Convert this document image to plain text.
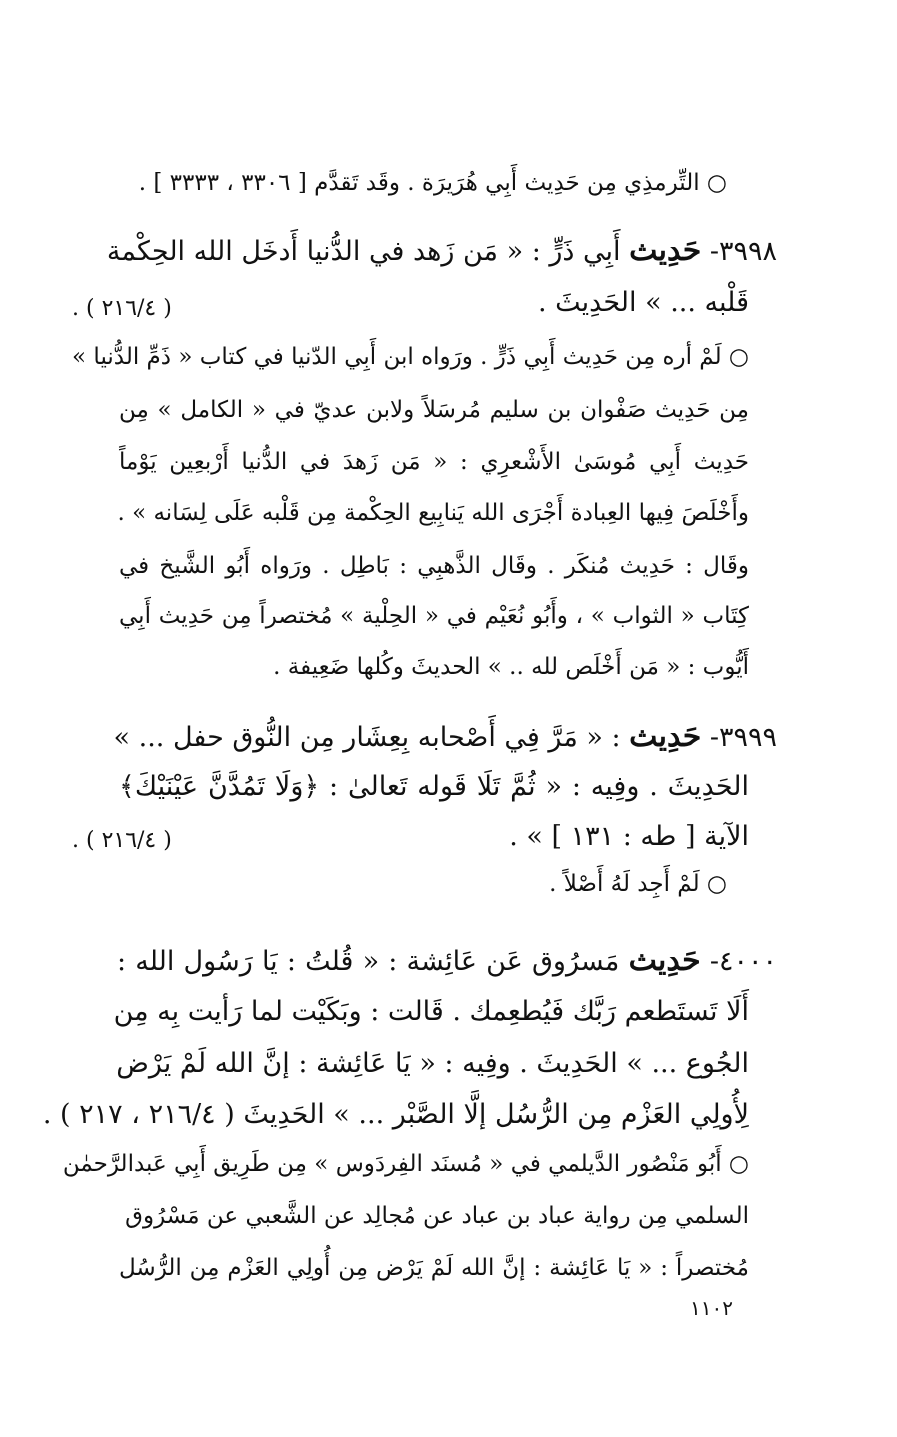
○ التِّرمذِي مِن حَدِيث أَبِي هُرَيرَة . وقَد تَقدَّم [ ٣٣٠٦ ، ٣٣٣٣ ] .
٣٩٩٨- حَدِيث أَبِي ذَرٍّ : « مَن زَهد في الدُّنيا أَدخَل الله الحِكْمة
قَلْبه ... » الحَدِيثَ .
( ٢١٦/٤ ) .
○ لَمْ أره مِن حَدِيث أَبِي ذَرٍّ . ورَواه ابن أَبِي الدّنيا في كتاب « ذَمِّ الدُّنيا »
مِن حَدِيث صَفْوان بن سليم مُرسَلاً ولابن عديّ في « الكامل » مِن
حَدِيث أَبِي مُوسَىٰ الأَشْعرِي : « مَن زَهدَ في الدُّنيا أَرْبعِين يَوْماً
وأَخْلَصَ فِيها العِبادة أَجْرَى الله يَنابِيع الحِكْمة مِن قَلْبه عَلَى لِسَانه » .
وقَال : حَدِيث مُنكَر . وقَال الذَّهبِي : بَاطِل . ورَواه أَبُو الشَّيخ في
كِتَاب « الثواب » ، وأَبُو نُعَيْم في « الحِلْية » مُختصراً مِن حَدِيث أَبِي
أَيُّوب : « مَن أَخْلَص لله .. » الحديثَ وكُلها ضَعِيفة .
٣٩٩٩- حَدِيث : « مَرَّ فِي أَصْحابه بِعِشَار مِن النُّوق حفل ... »
الحَدِيثَ . وفِيه : « ثُمَّ تَلَا قَوله تَعالىٰ : ﴿وَلَا تَمُدَّنَّ عَيْنَيْكَ﴾
الآية [ طه : ١٣١ ] » .
( ٢١٦/٤ ) .
○ لَمْ أَجِد لَهُ أَصْلاً .
٤٠٠٠- حَدِيث مَسرُوق عَن عَائِشة : « قُلتُ : يَا رَسُول الله :
أَلَا تَستَطعم رَبَّك فَيُطعِمك . قَالت : وبَكَيْت لما رَأيت بِه مِن
الجُوع ... » الحَدِيثَ . وفِيه : « يَا عَائِشة : إنَّ الله لَمْ يَرْض
لِأُولِي العَزْم مِن الرُّسُل إلَّا الصَّبْر ... » الحَدِيثَ ( ٢١٦/٤ ، ٢١٧ ) .
○ أَبُو مَنْصُور الدَّيلمي في « مُسنَد الفِردَوس » مِن طَرِيق أَبِي عَبدالرَّحمٰن
السلمي مِن رواية عباد بن عباد عن مُجالِد عن الشَّعبي عن مَسْرُوق
مُختصراً : « يَا عَائِشة : إنَّ الله لَمْ يَرْض مِن أُولِي العَزْم مِن الرُّسُل
١١٠٢
